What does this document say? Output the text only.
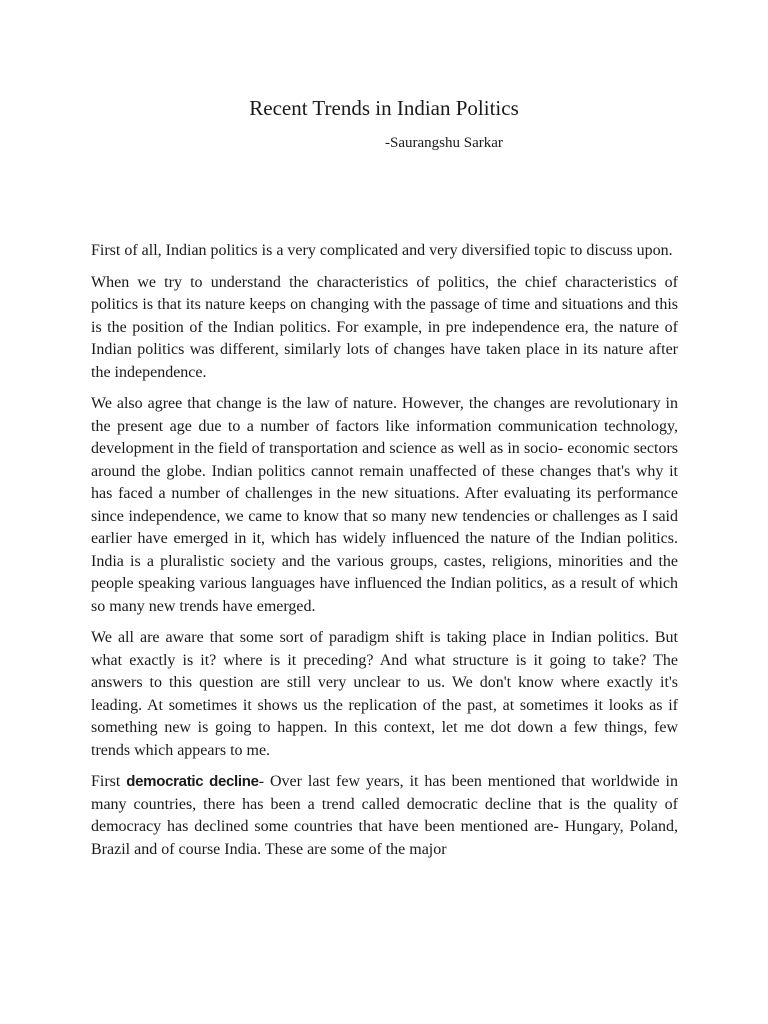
Recent Trends in Indian Politics
-Saurangshu Sarkar

First of all, Indian politics is a very complicated and very diversified topic to discuss upon.

When we try to understand the characteristics of politics, the chief characteristics of politics is that its nature keeps on changing with the passage of time and situations and this is the position of the Indian politics. For example, in pre independence era, the nature of Indian politics was different, similarly lots of changes have taken place in its nature after the independence.

We also agree that change is the law of nature. However, the changes are revolutionary in the present age due to a number of factors like information communication technology, development in the field of transportation and science as well as in socio- economic sectors around the globe. Indian politics cannot remain unaffected of these changes that's why it has faced a number of challenges in the new situations. After evaluating its performance since independence, we came to know that so many new tendencies or challenges as I said earlier have emerged in it, which has widely influenced the nature of the Indian politics. India is a pluralistic society and the various groups, castes, religions, minorities and the people speaking various languages have influenced the Indian politics, as a result of which so many new trends have emerged.

We all are aware that some sort of paradigm shift is taking place in Indian politics. But what exactly is it? where is it preceding? And what structure is it going to take? The answers to this question are still very unclear to us. We don't know where exactly it's leading. At sometimes it shows us the replication of the past, at sometimes it looks as if something new is going to happen. In this context, let me dot down a few things, few trends which appears to me.

First democratic decline- Over last few years, it has been mentioned that worldwide in many countries, there has been a trend called democratic decline that is the quality of democracy has declined some countries that have been mentioned are- Hungary, Poland, Brazil and of course India. These are some of the major
